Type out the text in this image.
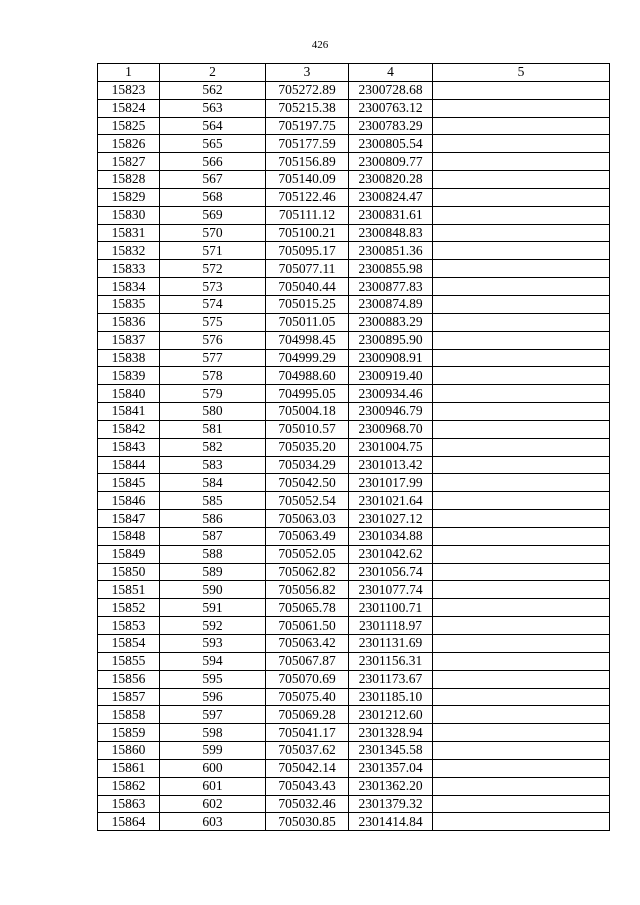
426
1	2	3	4	5
15823	562	705272.89	2300728.68	
15824	563	705215.38	2300763.12	
15825	564	705197.75	2300783.29	
15826	565	705177.59	2300805.54	
15827	566	705156.89	2300809.77	
15828	567	705140.09	2300820.28	
15829	568	705122.46	2300824.47	
15830	569	705111.12	2300831.61	
15831	570	705100.21	2300848.83	
15832	571	705095.17	2300851.36	
15833	572	705077.11	2300855.98	
15834	573	705040.44	2300877.83	
15835	574	705015.25	2300874.89	
15836	575	705011.05	2300883.29	
15837	576	704998.45	2300895.90	
15838	577	704999.29	2300908.91	
15839	578	704988.60	2300919.40	
15840	579	704995.05	2300934.46	
15841	580	705004.18	2300946.79	
15842	581	705010.57	2300968.70	
15843	582	705035.20	2301004.75	
15844	583	705034.29	2301013.42	
15845	584	705042.50	2301017.99	
15846	585	705052.54	2301021.64	
15847	586	705063.03	2301027.12	
15848	587	705063.49	2301034.88	
15849	588	705052.05	2301042.62	
15850	589	705062.82	2301056.74	
15851	590	705056.82	2301077.74	
15852	591	705065.78	2301100.71	
15853	592	705061.50	2301118.97	
15854	593	705063.42	2301131.69	
15855	594	705067.87	2301156.31	
15856	595	705070.69	2301173.67	
15857	596	705075.40	2301185.10	
15858	597	705069.28	2301212.60	
15859	598	705041.17	2301328.94	
15860	599	705037.62	2301345.58	
15861	600	705042.14	2301357.04	
15862	601	705043.43	2301362.20	
15863	602	705032.46	2301379.32	
15864	603	705030.85	2301414.84	
